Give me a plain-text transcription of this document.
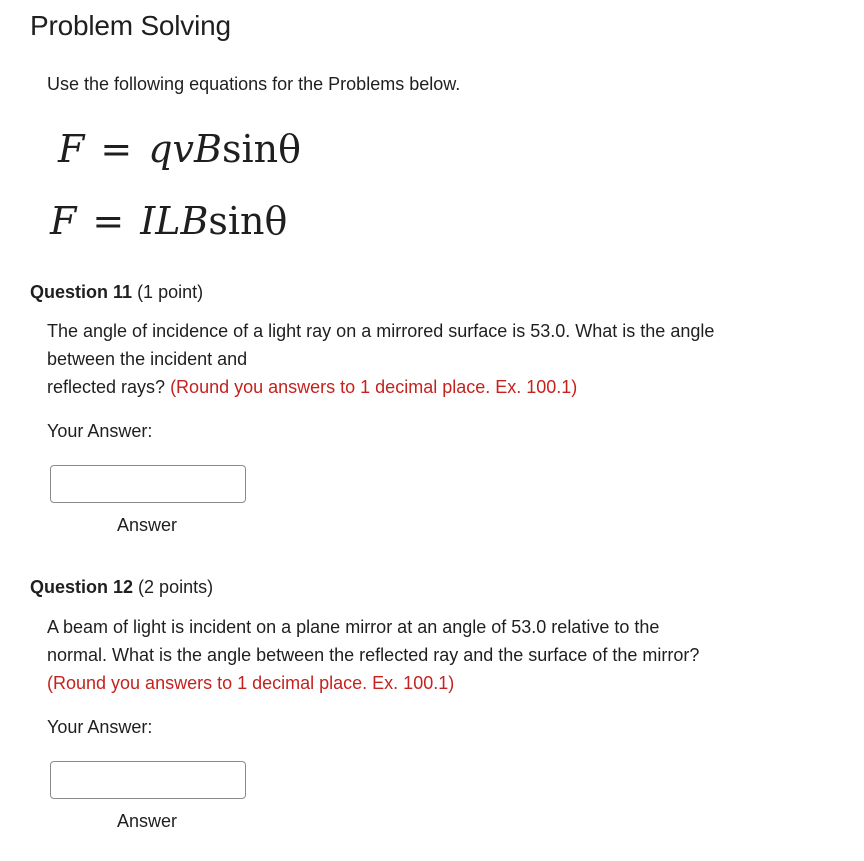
Problem Solving
Use the following equations for the Problems below.
F = qvBsinθ
F = ILBsinθ
Question 11 (1 point)
The angle of incidence of a light ray on a mirrored surface is 53.0. What is the angle
between the incident and
reflected rays? (Round you answers to 1 decimal place. Ex. 100.1)
Your Answer:
Answer
Question 12 (2 points)
A beam of light is incident on a plane mirror at an angle of 53.0 relative to the
normal. What is the angle between the reflected ray and the surface of the mirror?
(Round you answers to 1 decimal place. Ex. 100.1)
Your Answer:
Answer
